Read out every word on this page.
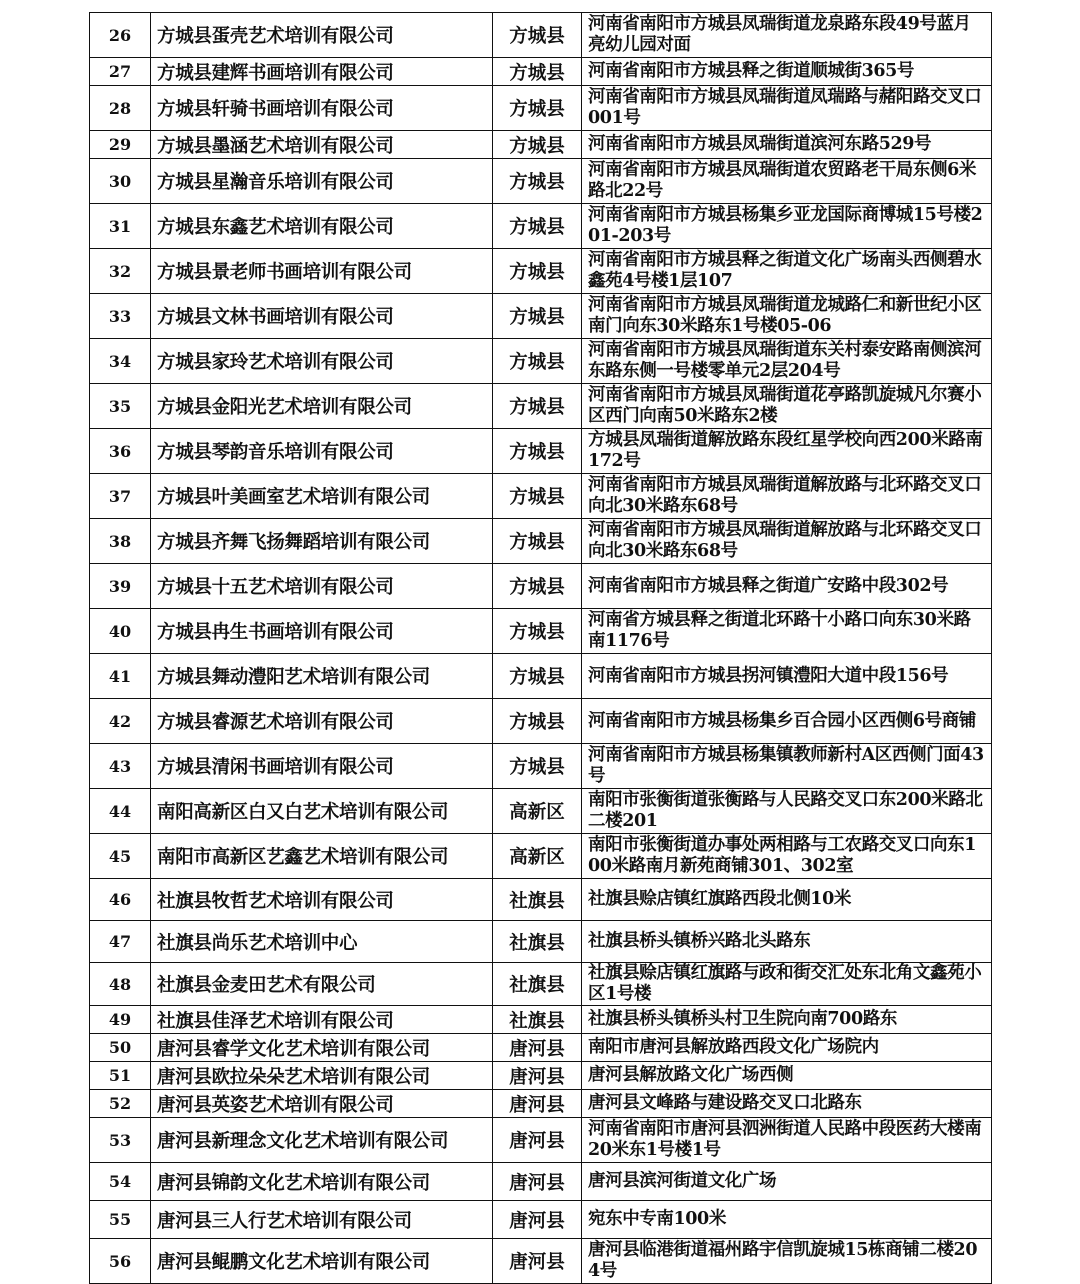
26	方城县蛋壳艺术培训有限公司	方城县	河南省南阳市方城县凤瑞街道龙泉路东段49号蓝月亮幼儿园对面
27	方城县建辉书画培训有限公司	方城县	河南省南阳市方城县释之街道顺城街365号
28	方城县轩骑书画培训有限公司	方城县	河南省南阳市方城县凤瑞街道凤瑞路与赭阳路交叉口001号
29	方城县墨涵艺术培训有限公司	方城县	河南省南阳市方城县凤瑞街道滨河东路529号
30	方城县星瀚音乐培训有限公司	方城县	河南省南阳市方城县凤瑞街道农贸路老干局东侧6米路北22号
31	方城县东鑫艺术培训有限公司	方城县	河南省南阳市方城县杨集乡亚龙国际商博城15号楼201-203号
32	方城县景老师书画培训有限公司	方城县	河南省南阳市方城县释之街道文化广场南头西侧碧水鑫苑4号楼1层107
33	方城县文林书画培训有限公司	方城县	河南省南阳市方城县凤瑞街道龙城路仁和新世纪小区南门向东30米路东1号楼05-06
34	方城县家玲艺术培训有限公司	方城县	河南省南阳市方城县凤瑞街道东关村泰安路南侧滨河东路东侧一号楼零单元2层204号
35	方城县金阳光艺术培训有限公司	方城县	河南省南阳市方城县凤瑞街道花亭路凯旋城凡尔赛小区西门向南50米路东2楼
36	方城县琴韵音乐培训有限公司	方城县	方城县凤瑞街道解放路东段红星学校向西200米路南172号
37	方城县叶美画室艺术培训有限公司	方城县	河南省南阳市方城县凤瑞街道解放路与北环路交叉口向北30米路东68号
38	方城县齐舞飞扬舞蹈培训有限公司	方城县	河南省南阳市方城县凤瑞街道解放路与北环路交叉口向北30米路东68号
39	方城县十五艺术培训有限公司	方城县	河南省南阳市方城县释之街道广安路中段302号
40	方城县冉生书画培训有限公司	方城县	河南省方城县释之街道北环路十小路口向东30米路南1176号
41	方城县舞动澧阳艺术培训有限公司	方城县	河南省南阳市方城县拐河镇澧阳大道中段156号
42	方城县睿源艺术培训有限公司	方城县	河南省南阳市方城县杨集乡百合园小区西侧6号商铺
43	方城县清闲书画培训有限公司	方城县	河南省南阳市方城县杨集镇教师新村A区西侧门面43号
44	南阳高新区白又白艺术培训有限公司	高新区	南阳市张衡街道张衡路与人民路交叉口东200米路北二楼201
45	南阳市高新区艺鑫艺术培训有限公司	高新区	南阳市张衡街道办事处两相路与工农路交叉口向东100米路南月新苑商铺301、302室
46	社旗县牧哲艺术培训有限公司	社旗县	社旗县赊店镇红旗路西段北侧10米
47	社旗县尚乐艺术培训中心	社旗县	社旗县桥头镇桥兴路北头路东
48	社旗县金麦田艺术有限公司	社旗县	社旗县赊店镇红旗路与政和街交汇处东北角文鑫苑小区1号楼
49	社旗县佳泽艺术培训有限公司	社旗县	社旗县桥头镇桥头村卫生院向南700路东
50	唐河县睿学文化艺术培训有限公司	唐河县	南阳市唐河县解放路西段文化广场院内
51	唐河县欧拉朵朵艺术培训有限公司	唐河县	唐河县解放路文化广场西侧
52	唐河县英姿艺术培训有限公司	唐河县	唐河县文峰路与建设路交叉口北路东
53	唐河县新理念文化艺术培训有限公司	唐河县	河南省南阳市唐河县泗洲街道人民路中段医药大楼南20米东1号楼1号
54	唐河县锦韵文化艺术培训有限公司	唐河县	唐河县滨河街道文化广场
55	唐河县三人行艺术培训有限公司	唐河县	宛东中专南100米
56	唐河县鲲鹏文化艺术培训有限公司	唐河县	唐河县临港街道福州路宇信凯旋城15栋商铺二楼204号
